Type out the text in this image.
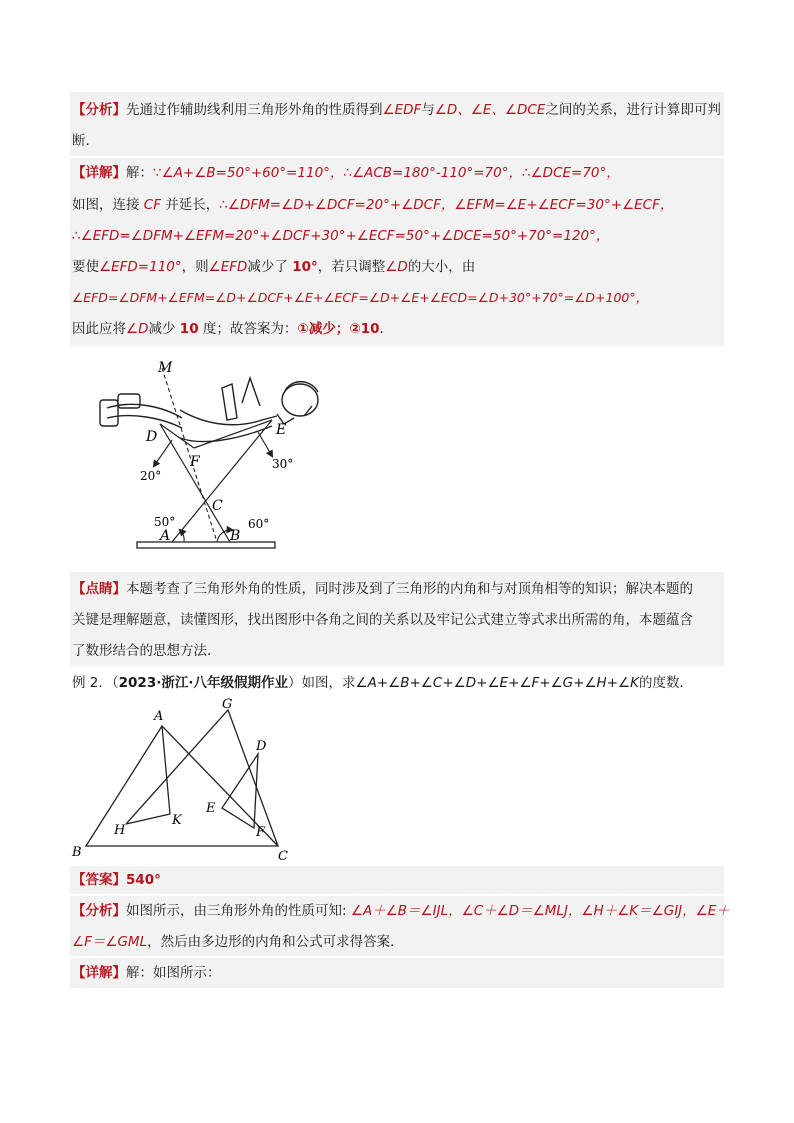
【分析】先通过作辅助线利用三角形外角的性质得到∠EDF与∠D、∠E、∠DCE之间的关系，进行计算即可判
断．
【详解】解：∵∠A+∠B=50°+60°=110°，∴∠ACB=180°-110°=70°，∴∠DCE=70°，
如图，连接 CF 并延长，∴∠DFM=∠D+∠DCF=20°+∠DCF，∠EFM=∠E+∠ECF=30°+∠ECF，
∴∠EFD=∠DFM+∠EFM=20°+∠DCF+30°+∠ECF=50°+∠DCE=50°+70°=120°，
要使∠EFD=110°，则∠EFD减少了 10°，若只调整∠D的大小，由
∠EFD=∠DFM+∠EFM=∠D+∠DCF+∠E+∠ECF=∠D+∠E+∠ECD=∠D+30°+70°=∠D+100°，
因此应将∠D减少 10 度；故答案为：①减少；②10．
M
D	E
F
C
A	B
20°
30°
50°	60°
【点睛】本题考查了三角形外角的性质，同时涉及到了三角形的内角和与对顶角相等的知识；解决本题的
关键是理解题意，读懂图形，找出图形中各角之间的关系以及牢记公式建立等式求出所需的角，本题蕴含
了数形结合的思想方法．
例 2．（2023·浙江·八年级假期作业）如图，求∠A+∠B+∠C+∠D+∠E+∠F+∠G+∠H+∠K的度数．
A
G
D
E
K
H	F
B	C
【答案】540°
【分析】如图所示，由三角形外角的性质可知: ∠A＋∠B＝∠IJL，∠C＋∠D＝∠MLJ，∠H＋∠K＝∠GIJ，∠E＋
∠F＝∠GML，然后由多边形的内角和公式可求得答案．
【详解】解：如图所示：
